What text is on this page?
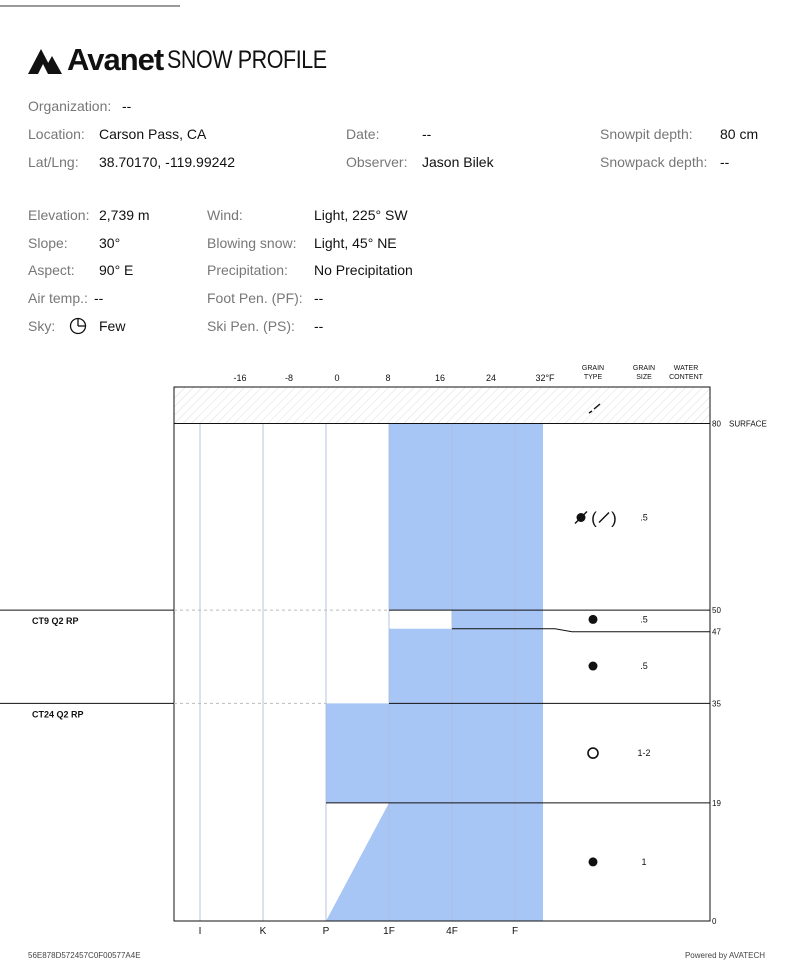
Avanet SNOW PROFILE
Organization: --
Location: Carson Pass, CA	Date:	--	Snowpit depth: 80 cm
Lat/Lng: 38.70170, -119.99242	Observer: Jason Bilek	Snowpack depth: --
Elevation: 2,739 m	Wind:	Light, 225° SW
Slope: 30°	Blowing snow: Light, 45° NE
Aspect: 90° E	Precipitation: No Precipitation
Air temp.: --	Foot Pen. (PF): --
Sky:	Few	Ski Pen. (PS): --
CT9 Q2 RP
CT24 Q2 RP
-16	-8	0	8	16	24	32°F
I	K	P	1F	4F	F
GRAIN
TYPE
GRAIN
SIZE
WATER
CONTENT
80
50
47
35
19
0
SURFACE
( )	.5
.5
.5
1-2
1
56E878D572457C0F00577A4E	Powered by AVATECH
